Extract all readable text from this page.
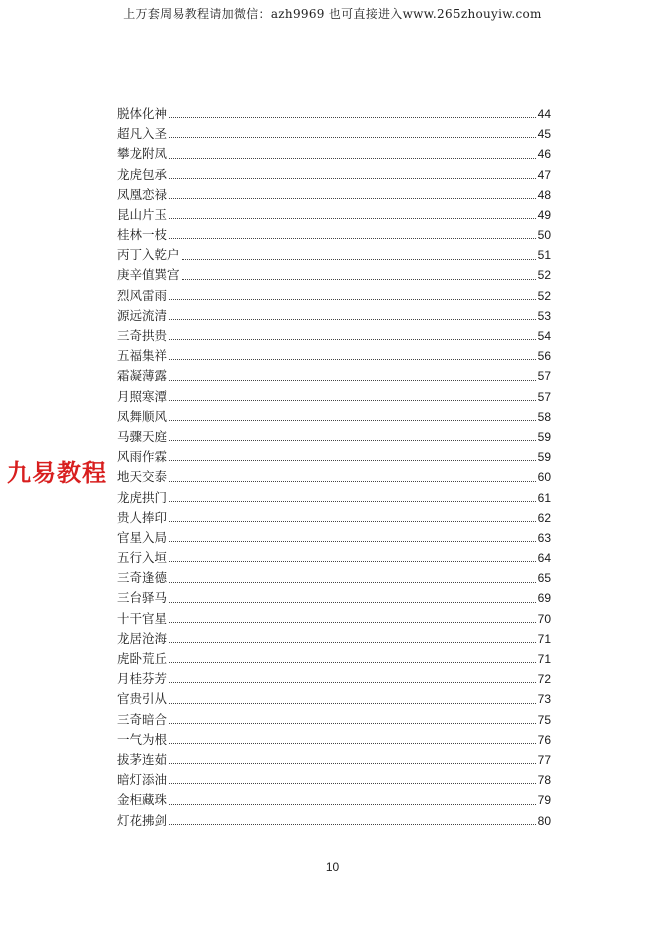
上万套周易教程请加微信：azh9969 也可直接进入www.265zhouyiw.com
脱体化神	44
超凡入圣	45
攀龙附凤	46
龙虎包承	47
凤凰恋禄	48
昆山片玉	49
桂林一枝	50
丙丁入乾户	51
庚辛值巽宫	52
烈风雷雨	52
源远流清	53
三奇拱贵	54
五福集祥	56
霜凝薄露	57
月照寒潭	57
凤舞顺风	58
马骤天庭	59
风雨作霖	59
地天交泰	60
龙虎拱门	61
贵人捧印	62
官星入局	63
五行入垣	64
三奇逢德	65
三台驿马	69
十干官星	70
龙居沧海	71
虎卧荒丘	71
月桂芬芳	72
官贵引从	73
三奇暗合	75
一气为根	76
拔茅连茹	77
暗灯添油	78
金柜藏珠	79
灯花拂剑	80
九易教程
10
